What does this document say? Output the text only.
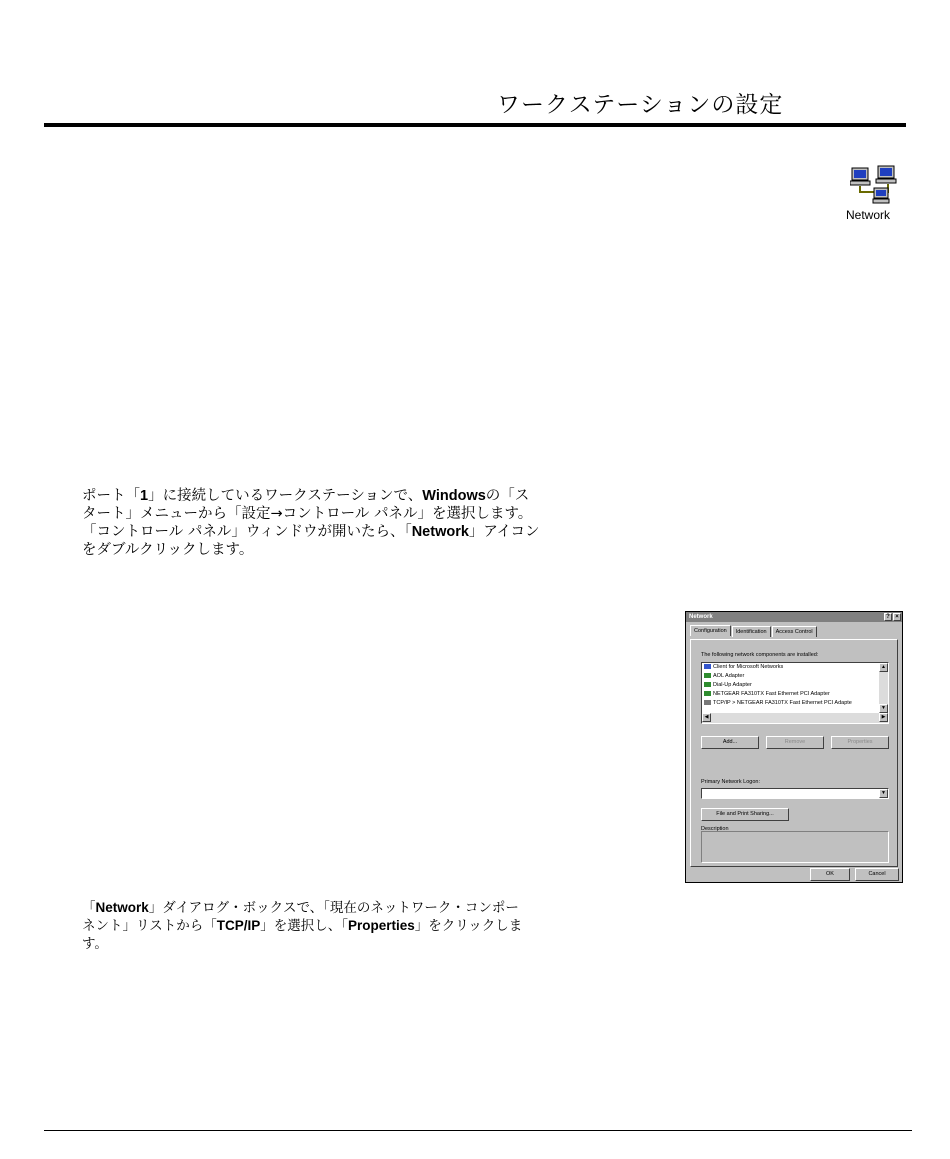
ワークステーションの設定
Network
ポート「1」に接続しているワークステーションで、Windowsの「ス
タート」メニューから「設定→コントロール パネル」を選択します。
「コントロール パネル」ウィンドウが開いたら、「Network」アイコン
をダブルクリックします。
Network	? ×
Configuration	Identification	Access Control
The following network components are installed:
Client for Microsoft Networks
AOL Adapter
Dial-Up Adapter
NETGEAR FA310TX Fast Ethernet PCI Adapter
TCP/IP > NETGEAR FA310TX Fast Ethernet PCI Adapte
▲
▼
◀	▶
Add...	Remove	Properties
Primary Network Logon:
▼
File and Print Sharing...
Description
OK	Cancel
「Network」ダイアログ・ボックスで、「現在のネットワーク・コンポー
ネント」リストから「TCP/IP」を選択し、「Properties」をクリックしま
す。
